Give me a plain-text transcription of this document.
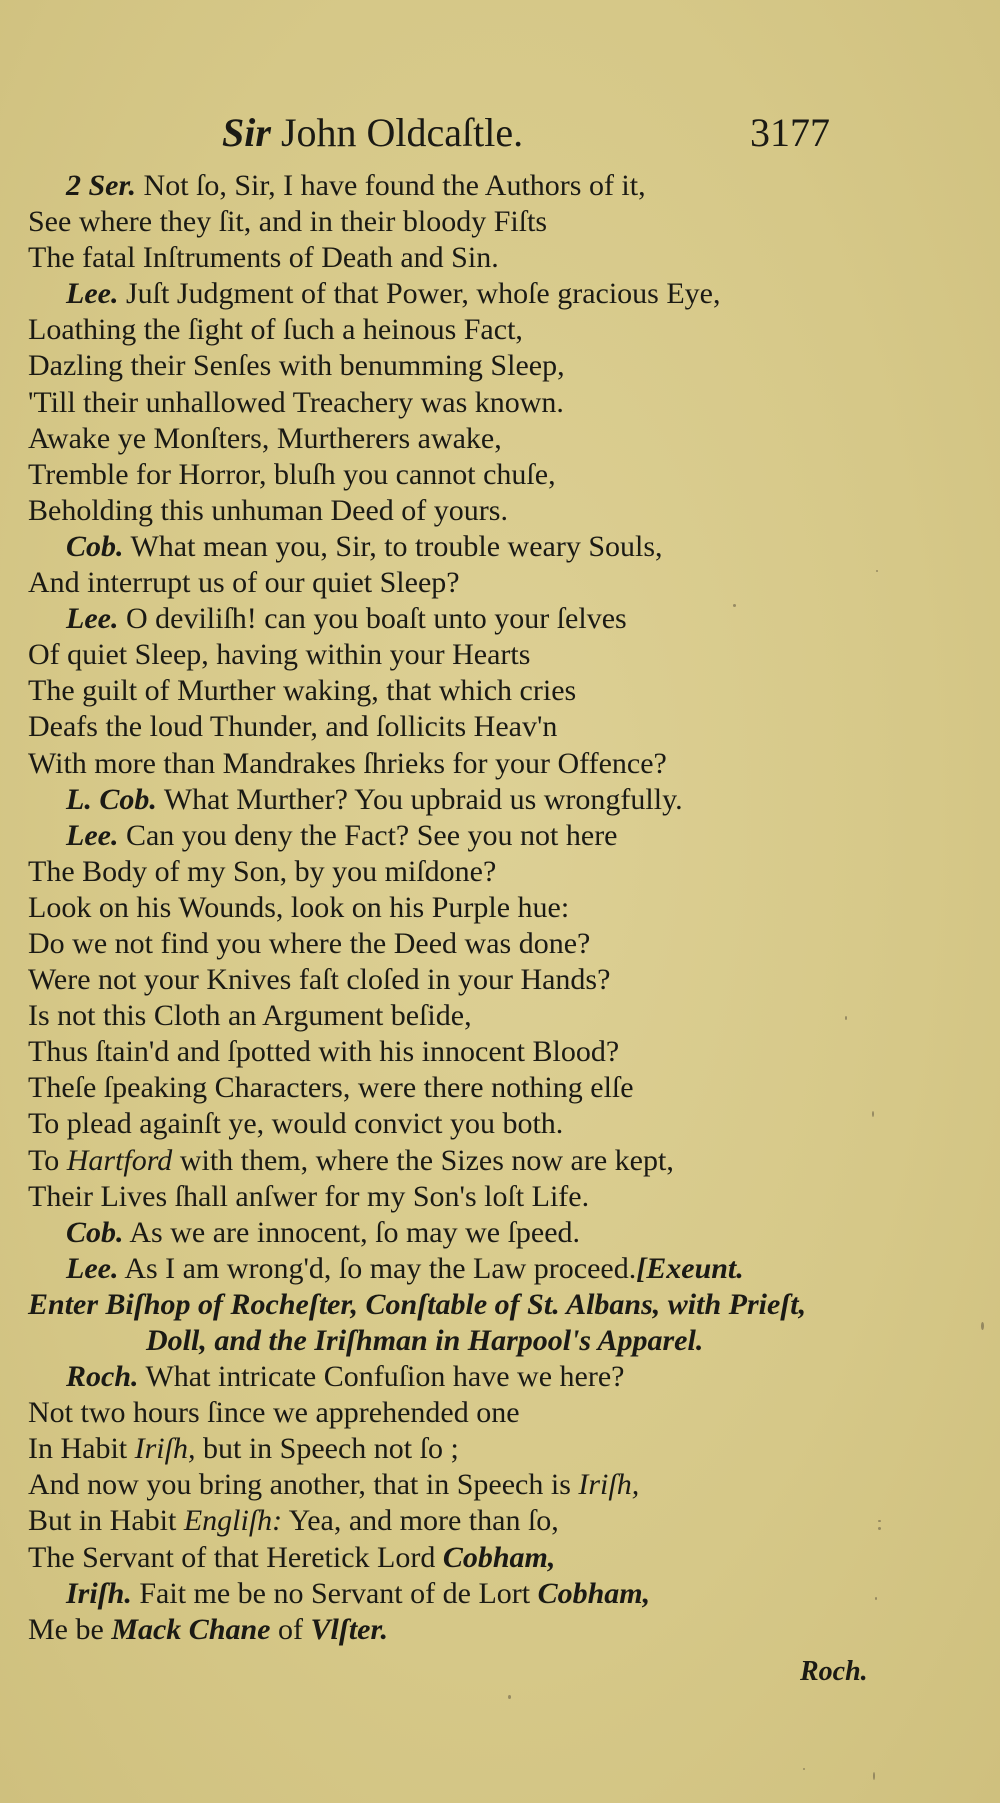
Sir John Oldcaſtle.	3177
2 Ser. Not ſo, Sir, I have found the Authors of it,
See where they ſit, and in their bloody Fiſts
The fatal Inſtruments of Death and Sin.
Lee. Juſt Judgment of that Power, whoſe gracious Eye,
Loathing the ſight of ſuch a heinous Fact,
Dazling their Senſes with benumming Sleep,
'Till their unhallowed Treachery was known.
Awake ye Monſters, Murtherers awake,
Tremble for Horror, bluſh you cannot chuſe,
Beholding this unhuman Deed of yours.
Cob. What mean you, Sir, to trouble weary Souls,
And interrupt us of our quiet Sleep?
Lee. O deviliſh! can you boaſt unto your ſelves
Of quiet Sleep, having within your Hearts
The guilt of Murther waking, that which cries
Deafs the loud Thunder, and ſollicits Heav'n
With more than Mandrakes ſhrieks for your Offence?
L. Cob. What Murther? You upbraid us wrongfully.
Lee. Can you deny the Fact? See you not here
The Body of my Son, by you miſdone?
Look on his Wounds, look on his Purple hue:
Do we not find you where the Deed was done?
Were not your Knives faſt cloſed in your Hands?
Is not this Cloth an Argument beſide,
Thus ſtain'd and ſpotted with his innocent Blood?
Theſe ſpeaking Characters, were there nothing elſe
To plead againſt ye, would convict you both.
To Hartford with them, where the Sizes now are kept,
Their Lives ſhall anſwer for my Son's loſt Life.
Cob. As we are innocent, ſo may we ſpeed.
Lee. As I am wrong'd, ſo may the Law proceed.[Exeunt.
Enter Biſhop of Rocheſter, Conſtable of St. Albans, with Prieſt,
Doll, and the Iriſhman in Harpool's Apparel.
Roch. What intricate Confuſion have we here?
Not two hours ſince we apprehended one
In Habit Iriſh, but in Speech not ſo ;
And now you bring another, that in Speech is Iriſh,
But in Habit Engliſh: Yea, and more than ſo,
The Servant of that Heretick Lord Cobham,
Iriſh. Fait me be no Servant of de Lort Cobham,
Me be Mack Chane of Vlſter.
Roch.
